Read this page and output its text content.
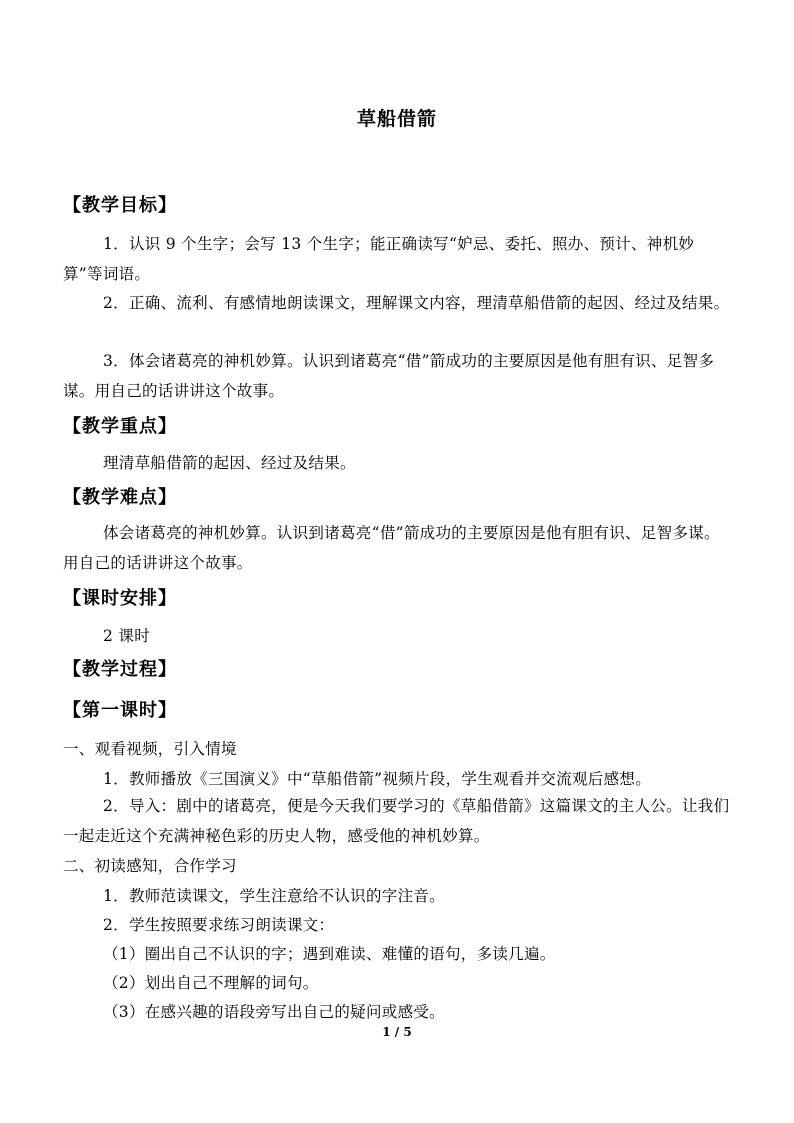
草船借箭
【教学目标】
1．认识 9 个生字；会写 13 个生字；能正确读写“妒忌、委托、照办、预计、神机妙算”等词语。
2．正确、流利、有感情地朗读课文，理解课文内容，理清草船借箭的起因、经过及结果。
3．体会诸葛亮的神机妙算。认识到诸葛亮“借”箭成功的主要原因是他有胆有识、足智多谋。用自己的话讲讲这个故事。
【教学重点】
理清草船借箭的起因、经过及结果。
【教学难点】
体会诸葛亮的神机妙算。认识到诸葛亮“借”箭成功的主要原因是他有胆有识、足智多谋。用自己的话讲讲这个故事。
【课时安排】
2 课时
【教学过程】
【第一课时】
一、观看视频，引入情境
1．教师播放《三国演义》中“草船借箭”视频片段，学生观看并交流观后感想。
2．导入：剧中的诸葛亮，便是今天我们要学习的《草船借箭》这篇课文的主人公。让我们一起走近这个充满神秘色彩的历史人物，感受他的神机妙算。
二、初读感知，合作学习
1．教师范读课文，学生注意给不认识的字注音。
2．学生按照要求练习朗读课文：
（1）圈出自己不认识的字；遇到难读、难懂的语句，多读几遍。
（2）划出自己不理解的词句。
（3）在感兴趣的语段旁写出自己的疑问或感受。
1 / 5
